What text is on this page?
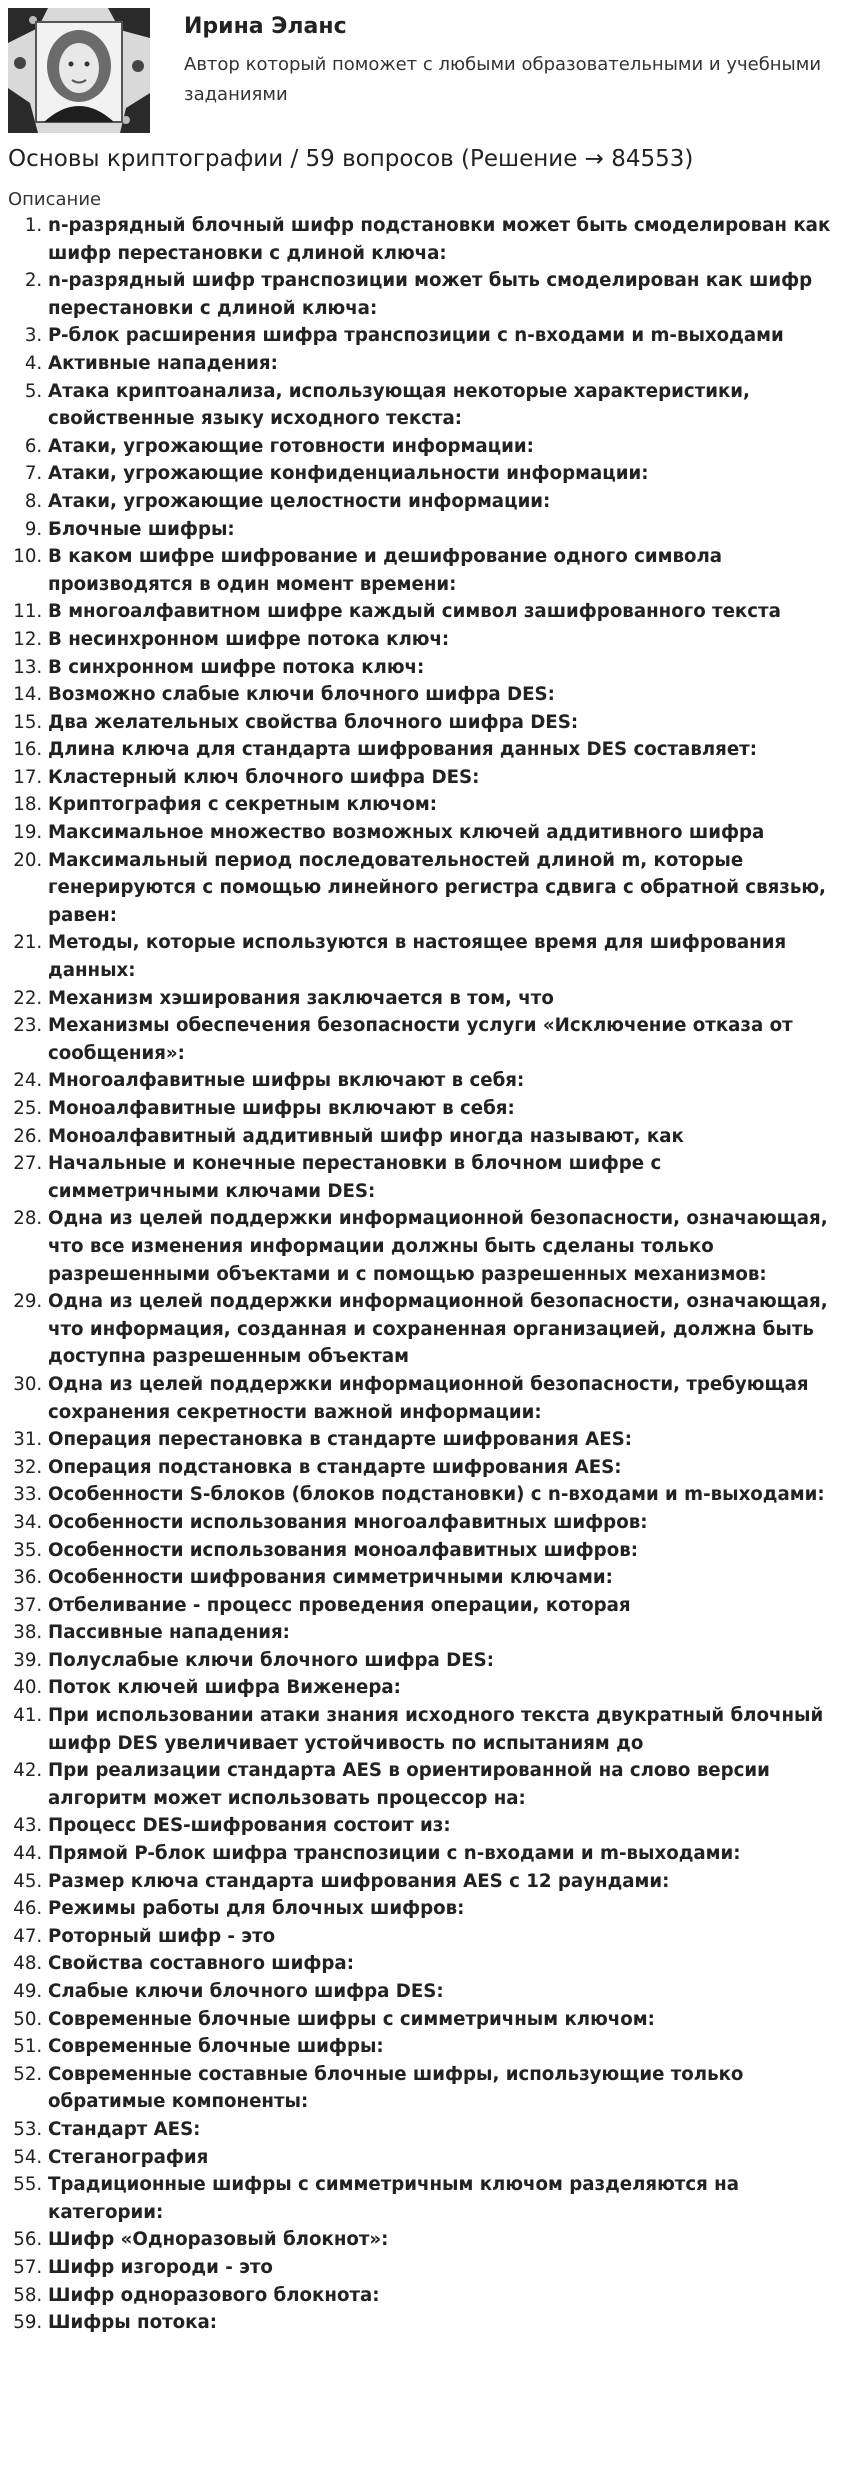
Ирина Эланс
Автор который поможет с любыми образовательными и учебными заданиями
Основы криптографии / 59 вопросов (Решение → 84553)
Описание
1. n-разрядный блочный шифр подстановки может быть смоделирован как шифр перестановки с длиной ключа:
2. n-разрядный шифр транспозиции может быть смоделирован как шифр перестановки с длиной ключа:
3. P-блок расширения шифра транспозиции с n-входами и m-выходами
4. Активные нападения:
5. Атака криптоанализа, использующая некоторые характеристики, свойственные языку исходного текста:
6. Атаки, угрожающие готовности информации:
7. Атаки, угрожающие конфиденциальности информации:
8. Атаки, угрожающие целостности информации:
9. Блочные шифры:
10. В каком шифре шифрование и дешифрование одного символа производятся в один момент времени:
11. В многоалфавитном шифре каждый символ зашифрованного текста
12. В несинхронном шифре потока ключ:
13. В синхронном шифре потока ключ:
14. Возможно слабые ключи блочного шифра DES:
15. Два желательных свойства блочного шифра DES:
16. Длина ключа для стандарта шифрования данных DES составляет:
17. Кластерный ключ блочного шифра DES:
18. Криптография с секретным ключом:
19. Максимальное множество возможных ключей аддитивного шифра
20. Максимальный период последовательностей длиной m, которые генерируются с помощью линейного регистра сдвига с обратной связью, равен:
21. Методы, которые используются в настоящее время для шифрования данных:
22. Механизм хэширования заключается в том, что
23. Механизмы обеспечения безопасности услуги «Исключение отказа от сообщения»:
24. Многоалфавитные шифры включают в себя:
25. Моноалфавитные шифры включают в себя:
26. Моноалфавитный аддитивный шифр иногда называют, как
27. Начальные и конечные перестановки в блочном шифре с симметричными ключами DES:
28. Одна из целей поддержки информационной безопасности, означающая, что все изменения информации должны быть сделаны только разрешенными объектами и с помощью разрешенных механизмов:
29. Одна из целей поддержки информационной безопасности, означающая, что информация, созданная и сохраненная организацией, должна быть доступна разрешенным объектам
30. Одна из целей поддержки информационной безопасности, требующая сохранения секретности важной информации:
31. Операция перестановка в стандарте шифрования AES:
32. Операция подстановка в стандарте шифрования AES:
33. Особенности S-блоков (блоков подстановки) с n-входами и m-выходами:
34. Особенности использования многоалфавитных шифров:
35. Особенности использования моноалфавитных шифров:
36. Особенности шифрования симметричными ключами:
37. Отбеливание - процесс проведения операции, которая
38. Пассивные нападения:
39. Полуслабые ключи блочного шифра DES:
40. Поток ключей шифра Виженера:
41. При использовании атаки знания исходного текста двукратный блочный шифр DES увеличивает устойчивость по испытаниям до
42. При реализации стандарта AES в ориентированной на слово версии алгоритм может использовать процессор на:
43. Процесс DES-шифрования состоит из:
44. Прямой P-блок шифра транспозиции с n-входами и m-выходами:
45. Размер ключа стандарта шифрования AES с 12 раундами:
46. Режимы работы для блочных шифров:
47. Роторный шифр - это
48. Свойства составного шифра:
49. Слабые ключи блочного шифра DES:
50. Современные блочные шифры с симметричным ключом:
51. Современные блочные шифры:
52. Современные составные блочные шифры, использующие только обратимые компоненты:
53. Стандарт AES:
54. Стеганография
55. Традиционные шифры с симметричным ключом разделяются на категории:
56. Шифр «Одноразовый блокнот»:
57. Шифр изгороди - это
58. Шифр одноразового блокнота:
59. Шифры потока:
